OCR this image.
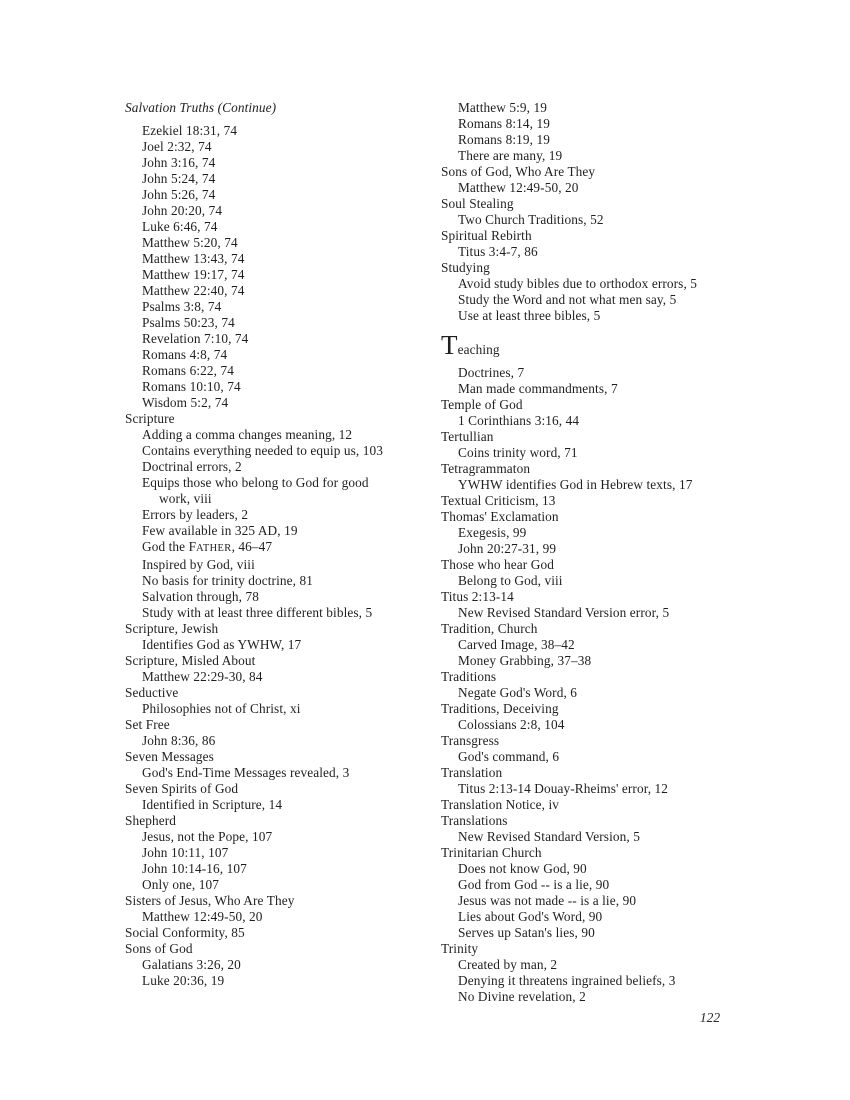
Salvation Truths (Continue)
Ezekiel 18:31, 74
Joel 2:32, 74
John 3:16, 74
John 5:24, 74
John 5:26, 74
John 20:20, 74
Luke 6:46, 74
Matthew 5:20, 74
Matthew 13:43, 74
Matthew 19:17, 74
Matthew 22:40, 74
Psalms 3:8, 74
Psalms 50:23, 74
Revelation 7:10, 74
Romans 4:8, 74
Romans 6:22, 74
Romans 10:10, 74
Wisdom 5:2, 74
Scripture
Adding a comma changes meaning, 12
Contains everything needed to equip us, 103
Doctrinal errors, 2
Equips those who belong to God for good
work, viii
Errors by leaders, 2
Few available in 325 AD, 19
God the FATHER, 46–47
Inspired by God, viii
No basis for trinity doctrine, 81
Salvation through, 78
Study with at least three different bibles, 5
Scripture, Jewish
Identifies God as YWHW, 17
Scripture, Misled About
Matthew 22:29-30, 84
Seductive
Philosophies not of Christ, xi
Set Free
John 8:36, 86
Seven Messages
God's End-Time Messages revealed, 3
Seven Spirits of God
Identified in Scripture, 14
Shepherd
Jesus, not the Pope, 107
John 10:11, 107
John 10:14-16, 107
Only one, 107
Sisters of Jesus, Who Are They
Matthew 12:49-50, 20
Social Conformity, 85
Sons of God
Galatians 3:26, 20
Luke 20:36, 19
Matthew 5:9, 19
Romans 8:14, 19
Romans 8:19, 19
There are many, 19
Sons of God, Who Are They
Matthew 12:49-50, 20
Soul Stealing
Two Church Traditions, 52
Spiritual Rebirth
Titus 3:4-7, 86
Studying
Avoid study bibles due to orthodox errors, 5
Study the Word and not what men say, 5
Use at least three bibles, 5
Teaching
Doctrines, 7
Man made commandments, 7
Temple of God
1 Corinthians 3:16, 44
Tertullian
Coins trinity word, 71
Tetragrammaton
YWHW identifies God in Hebrew texts, 17
Textual Criticism, 13
Thomas' Exclamation
Exegesis, 99
John 20:27-31, 99
Those who hear God
Belong to God, viii
Titus 2:13-14
New Revised Standard Version error, 5
Tradition, Church
Carved Image, 38–42
Money Grabbing, 37–38
Traditions
Negate God's Word, 6
Traditions, Deceiving
Colossians 2:8, 104
Transgress
God's command, 6
Translation
Titus 2:13-14 Douay-Rheims' error, 12
Translation Notice, iv
Translations
New Revised Standard Version, 5
Trinitarian Church
Does not know God, 90
God from God -- is a lie, 90
Jesus was not made -- is a lie, 90
Lies about God's Word, 90
Serves up Satan's lies, 90
Trinity
Created by man, 2
Denying it threatens ingrained beliefs, 3
No Divine revelation, 2
122
